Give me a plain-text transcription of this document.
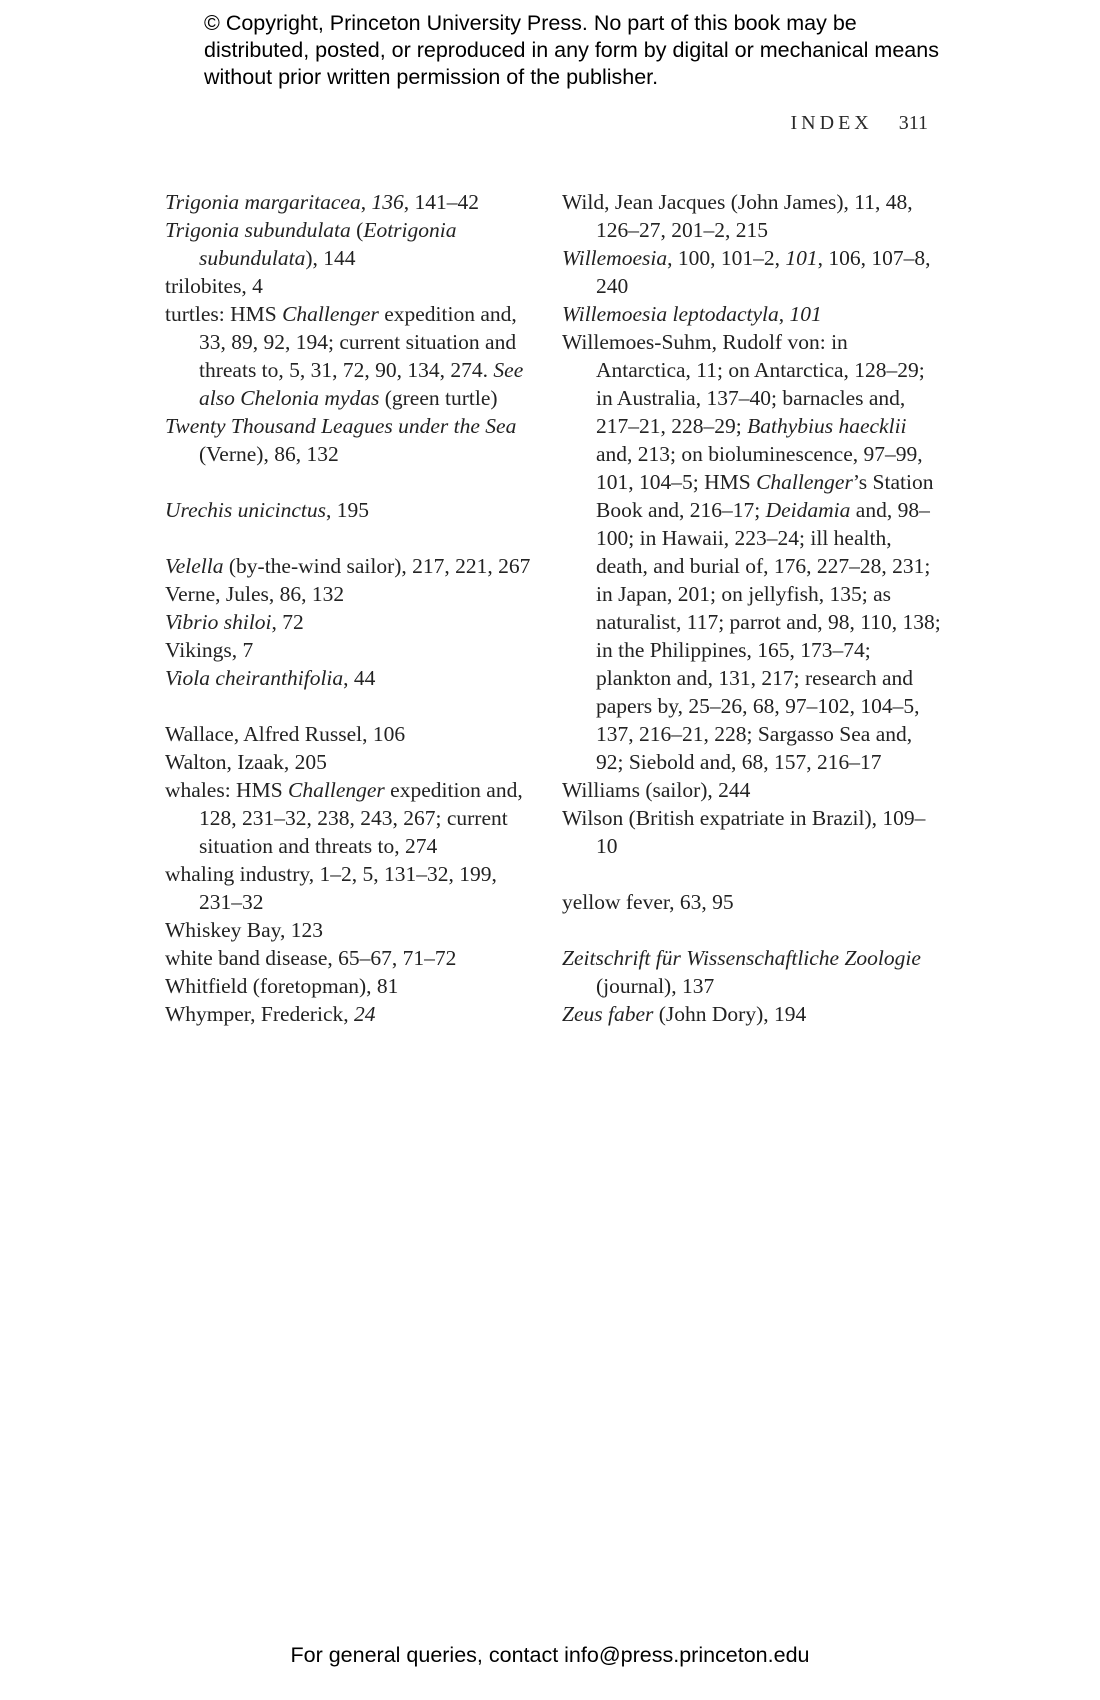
© Copyright, Princeton University Press. No part of this book may be distributed, posted, or reproduced in any form by digital or mechanical means without prior written permission of the publisher.
INDEX 311
Trigonia margaritacea, 136, 141–42
Trigonia subundulata (Eotrigonia subundulata), 144
trilobites, 4
turtles: HMS Challenger expedition and, 33, 89, 92, 194; current situation and threats to, 5, 31, 72, 90, 134, 274. See also Chelonia mydas (green turtle)
Twenty Thousand Leagues under the Sea (Verne), 86, 132
Urechis unicinctus, 195
Velella (by-the-wind sailor), 217, 221, 267
Verne, Jules, 86, 132
Vibrio shiloi, 72
Vikings, 7
Viola cheiranthifolia, 44
Wallace, Alfred Russel, 106
Walton, Izaak, 205
whales: HMS Challenger expedition and, 128, 231–32, 238, 243, 267; current situation and threats to, 274
whaling industry, 1–2, 5, 131–32, 199, 231–32
Whiskey Bay, 123
white band disease, 65–67, 71–72
Whitfield (foretopman), 81
Whymper, Frederick, 24
Wild, Jean Jacques (John James), 11, 48, 126–27, 201–2, 215
Willemoesia, 100, 101–2, 101, 106, 107–8, 240
Willemoesia leptodactyla, 101
Willemoes-Suhm, Rudolf von: in Antarctica, 11; on Antarctica, 128–29; in Australia, 137–40; barnacles and, 217–21, 228–29; Bathybius haecklii and, 213; on bioluminescence, 97–99, 101, 104–5; HMS Challenger’s Station Book and, 216–17; Deidamia and, 98–100; in Hawaii, 223–24; ill health, death, and burial of, 176, 227–28, 231; in Japan, 201; on jellyfish, 135; as naturalist, 117; parrot and, 98, 110, 138; in the Philippines, 165, 173–74; plankton and, 131, 217; research and papers by, 25–26, 68, 97–102, 104–5, 137, 216–21, 228; Sargasso Sea and, 92; Siebold and, 68, 157, 216–17
Williams (sailor), 244
Wilson (British expatriate in Brazil), 109–10
yellow fever, 63, 95
Zeitschrift für Wissenschaftliche Zoologie (journal), 137
Zeus faber (John Dory), 194
For general queries, contact info@press.princeton.edu
